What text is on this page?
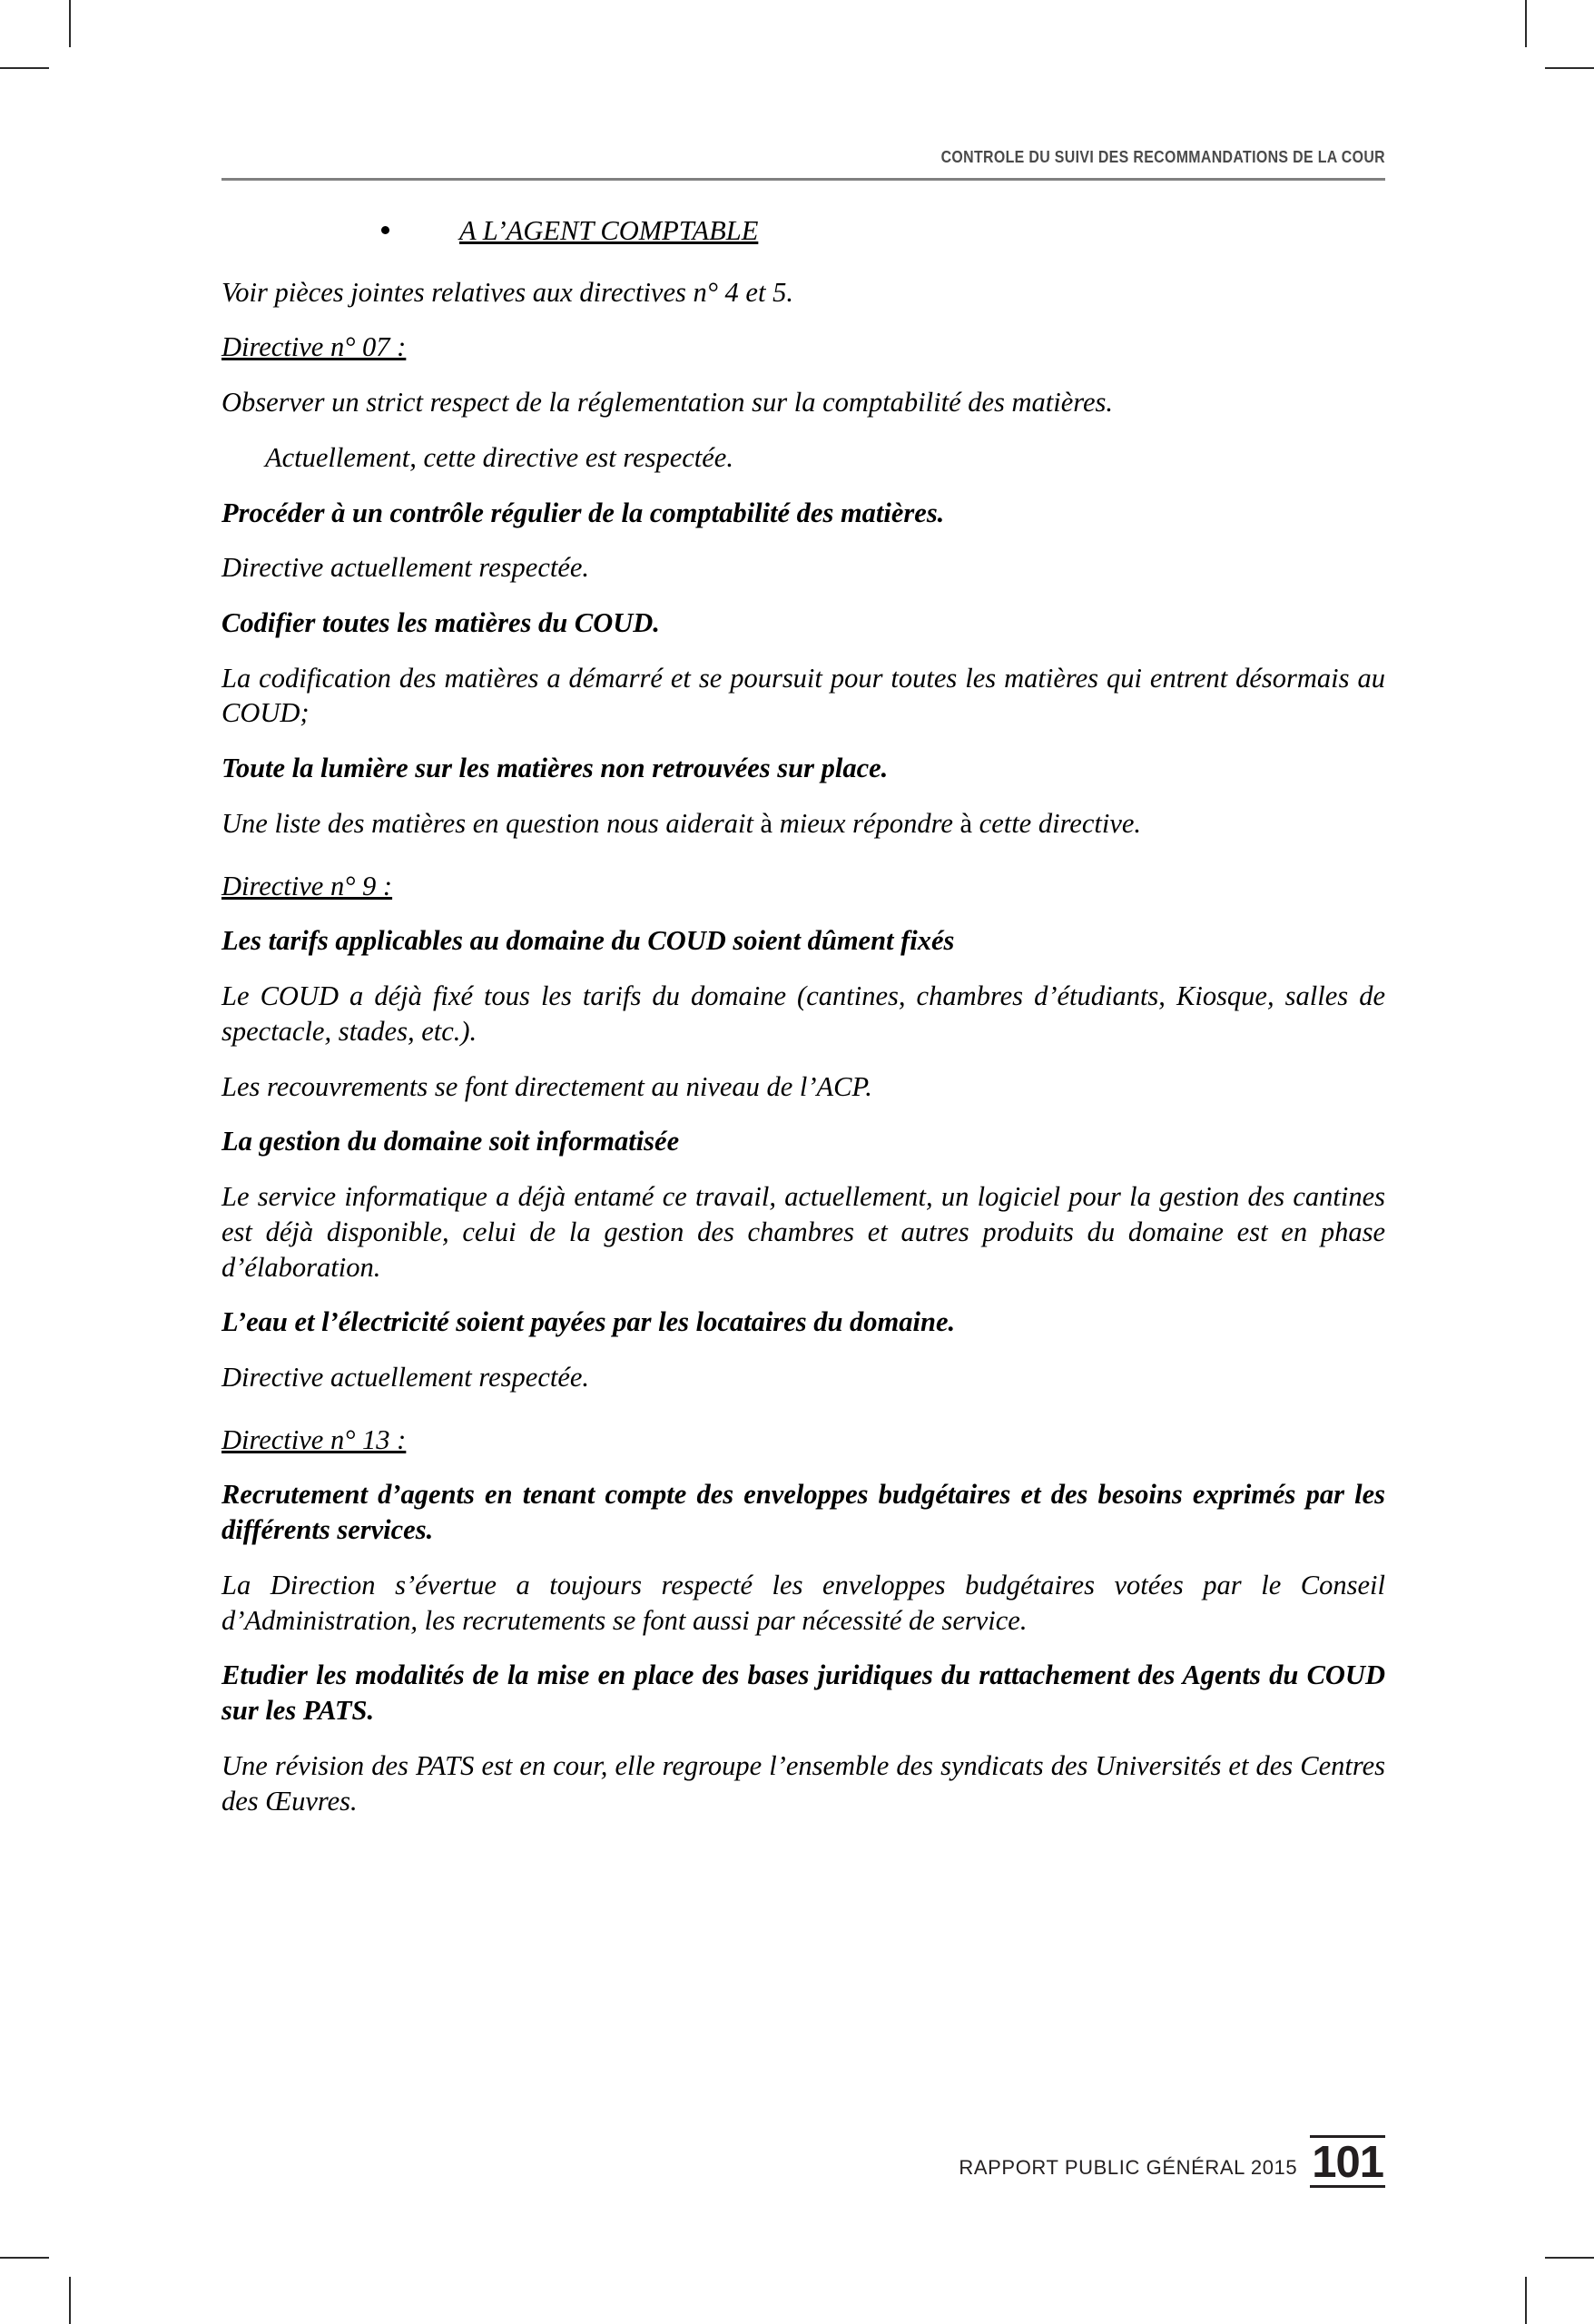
CONTROLE DU SUIVI DES RECOMMANDATIONS DE LA COUR

A L’AGENT COMPTABLE

Voir pièces jointes relatives aux directives n° 4 et 5.

Directive n° 07 :

Observer un strict respect de la réglementation sur la comptabilité des matières.

Actuellement, cette directive est respectée.

Procéder à un contrôle régulier de la comptabilité des matières.

Directive actuellement respectée.

Codifier toutes les matières du COUD.

La codification des matières a démarré et se poursuit pour toutes les matières qui entrent désormais au COUD;

Toute la lumière sur les matières non retrouvées sur place.

Une liste des matières en question nous aiderait à mieux répondre à cette directive.

Directive n° 9 :

Les tarifs applicables au domaine du COUD soient dûment fixés

Le COUD a déjà fixé tous les tarifs du domaine (cantines, chambres d’étudiants, Kiosque, salles de spectacle, stades, etc.).

Les recouvrements se font directement au niveau de l’ACP.

La gestion du domaine soit informatisée

Le service informatique a déjà entamé ce travail, actuellement, un logiciel pour la gestion des cantines est déjà disponible, celui de la gestion des chambres et autres produits du domaine est en phase d’élaboration.

L’eau et l’électricité soient payées par les locataires du domaine.

Directive actuellement respectée.

Directive n° 13 :

Recrutement d’agents en tenant compte des enveloppes budgétaires et des besoins exprimés par les différents services.

La Direction s’évertue a toujours respecté les enveloppes budgétaires votées par le Conseil d’Administration, les recrutements se font aussi par nécessité de service.

Etudier les modalités de la mise en place des bases juridiques du rattachement des Agents du COUD sur les PATS.

Une révision des PATS est en cour, elle regroupe l’ensemble des syndicats des Universités et des Centres des Œuvres.

RAPPORT PUBLIC GÉNÉRAL 2015 101
